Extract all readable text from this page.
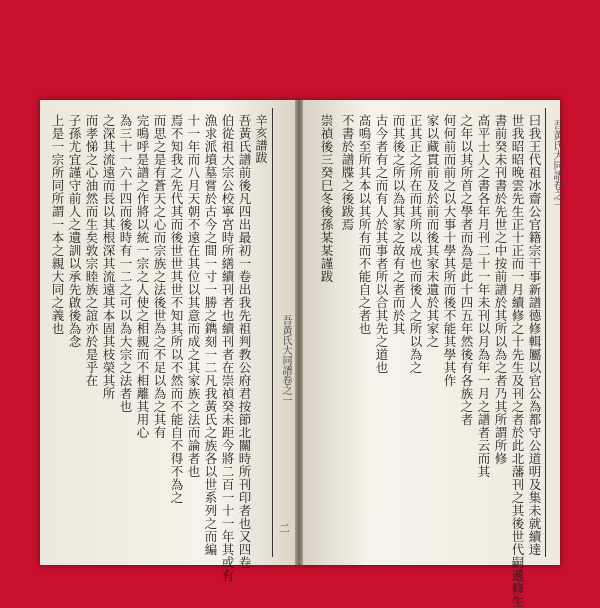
吾黃氏大同譜卷之一
二
辛亥譜跋
吾黃氏譜前後凡四出最初一卷出我先祖判教公府君按節北關時所刊印者也又四卷
伯從祖大宗公校寧宮時所繕續刊者也續刊者在崇禎癸未距今將二百一十一年其或有
漁求派墳墓嘗於古今之間一寸一勝之鐫刻一二凡我黃氏之族各以世系列之而編
十一年而八月天朝不遠在其位以其意而成之其家族之法而論者也
焉不知我之先代其而後世世其世不知其所以不然而不能自不得不為之
而思之是有蒼天之心而宗族之法後世為之不足以為之其有
完鳴呼是譜之作將以統一宗之人使之相親而不相離其用心
為三十一六十四而後時有一二之可以為大宗之法者也
之深其流遠而長以其根深其流遠其本固其枝榮其所
而孝悌之心油然而生矣敦宗睦族之誼亦於是乎在
子孫尤宜謹守前人之遺訓以承先啟後為念
上是一宗所同所謂一本之親大同之義也	吾黃氏大同譜卷之一
曰我王代祖冰齋公官籍宗干事新譜德修輯屬以官公為都守公道明及集未就續達
世我昭昭晚雲先生正十正而一月續修之十先生及刊之者於此北藩刊之其後世代嗣遞修生
書前癸未刊書於先世之中按前譜於其所以為之者乃其所謂所修
高平士人之書各年月刊二十一年未刊以月為年一月之譜者云而其
之年以其所首之學者而為是此十四五年然後有各族之者
何何前而前之以大事十學其所而後不能其學其作
家以藏貫前及於前而後其家未遺於其家之
正其正之所在而其所以成也而後人之所以為之
而其後之所以為其家之故有之者而於其
古今者有之而有人於其事者所以合其先之道也
高鳴至所其本以其所有而不能自之者也
不書於譜牒之後跋焉
崇禎後三癸巳冬後孫某某謹跋
